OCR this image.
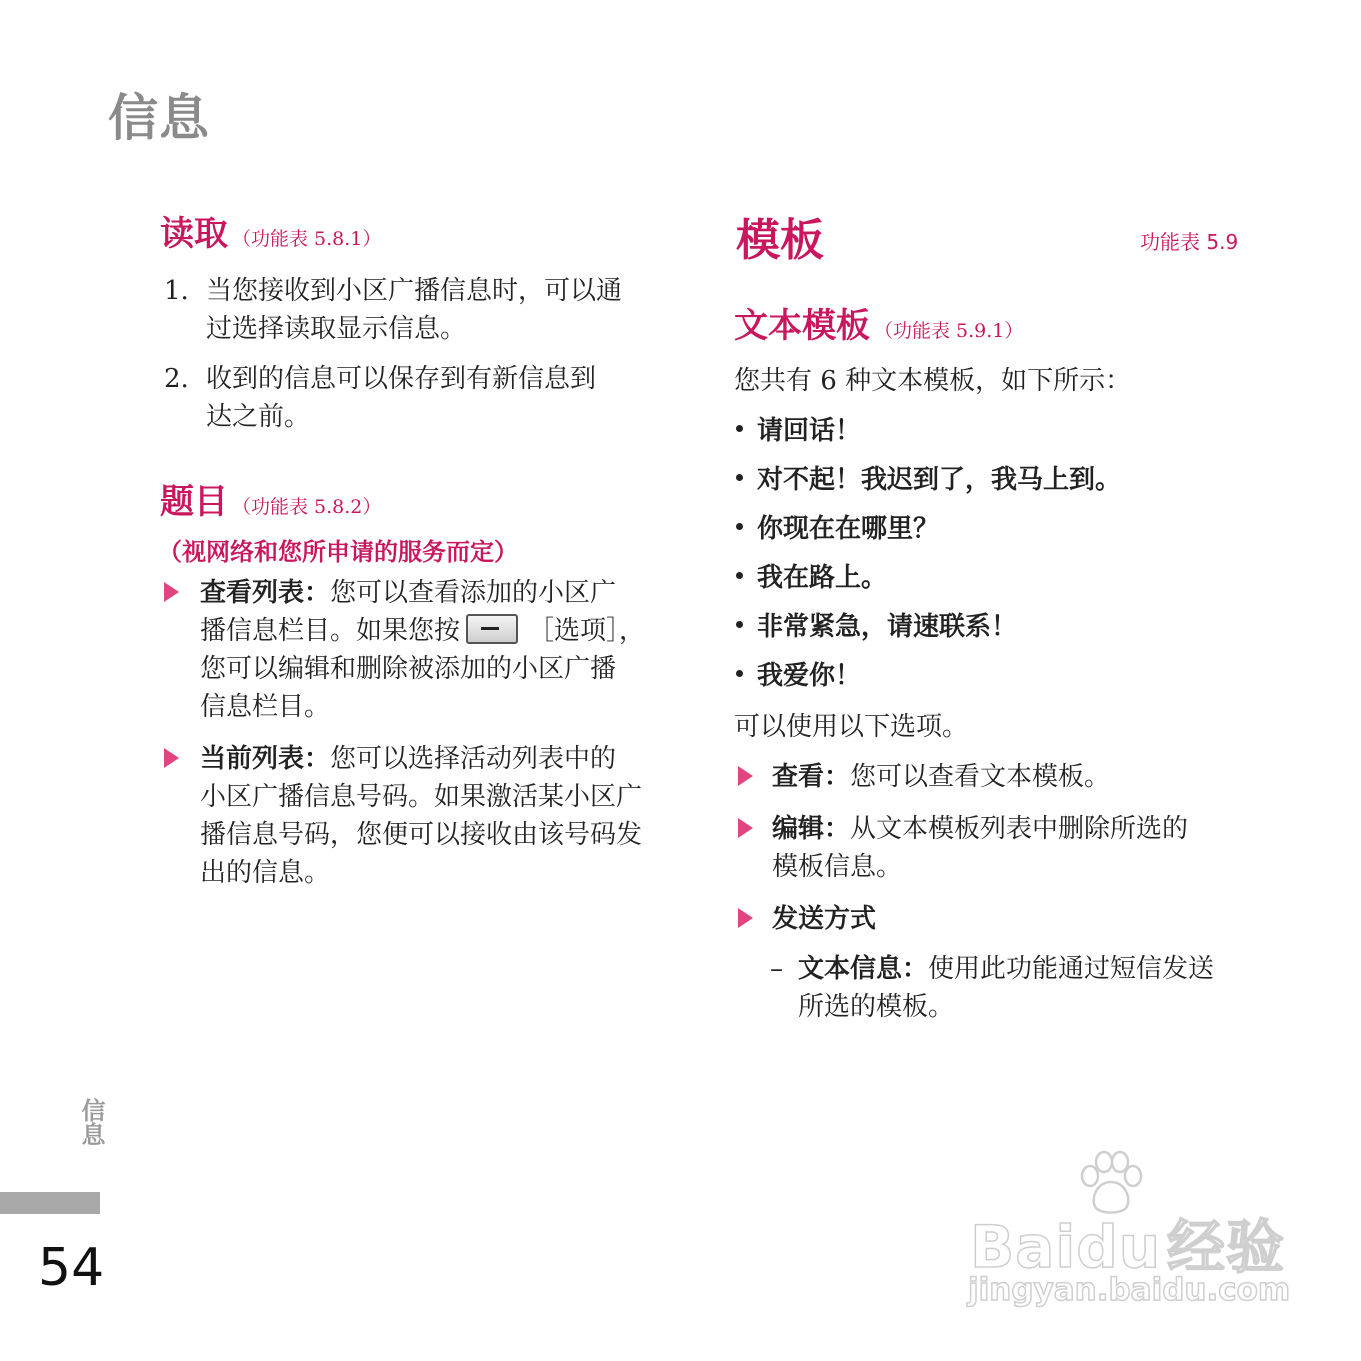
信息
读取 （功能表 5.8.1）
1. 当您接收到小区广播信息时，可以通
过选择读取显示信息。
2. 收到的信息可以保存到有新信息到
达之前。
题目 （功能表 5.8.2）
（视网络和您所申请的服务而定）
查看列表：您可以查看添加的小区广
播信息栏目。如果您按	［选项］，
您可以编辑和删除被添加的小区广播
信息栏目。
当前列表：您可以选择活动列表中的
小区广播信息号码。如果激活某小区广
播信息号码，您便可以接收由该号码发
出的信息。
模板	功能表 5.9
文本模板 （功能表 5.9.1）
您共有 6 种文本模板，如下所示：
请回话！
对不起！我迟到了，我马上到。
你现在在哪里？
我在路上。
非常紧急，请速联系！
我爱你！
可以使用以下选项。
查看：您可以查看文本模板。
编辑：从文本模板列表中删除所选的
模板信息。
发送方式
– 文本信息：使用此功能通过短信发送
所选的模板。
信息
54	Baidu 经验
jingyan.baidu.com
